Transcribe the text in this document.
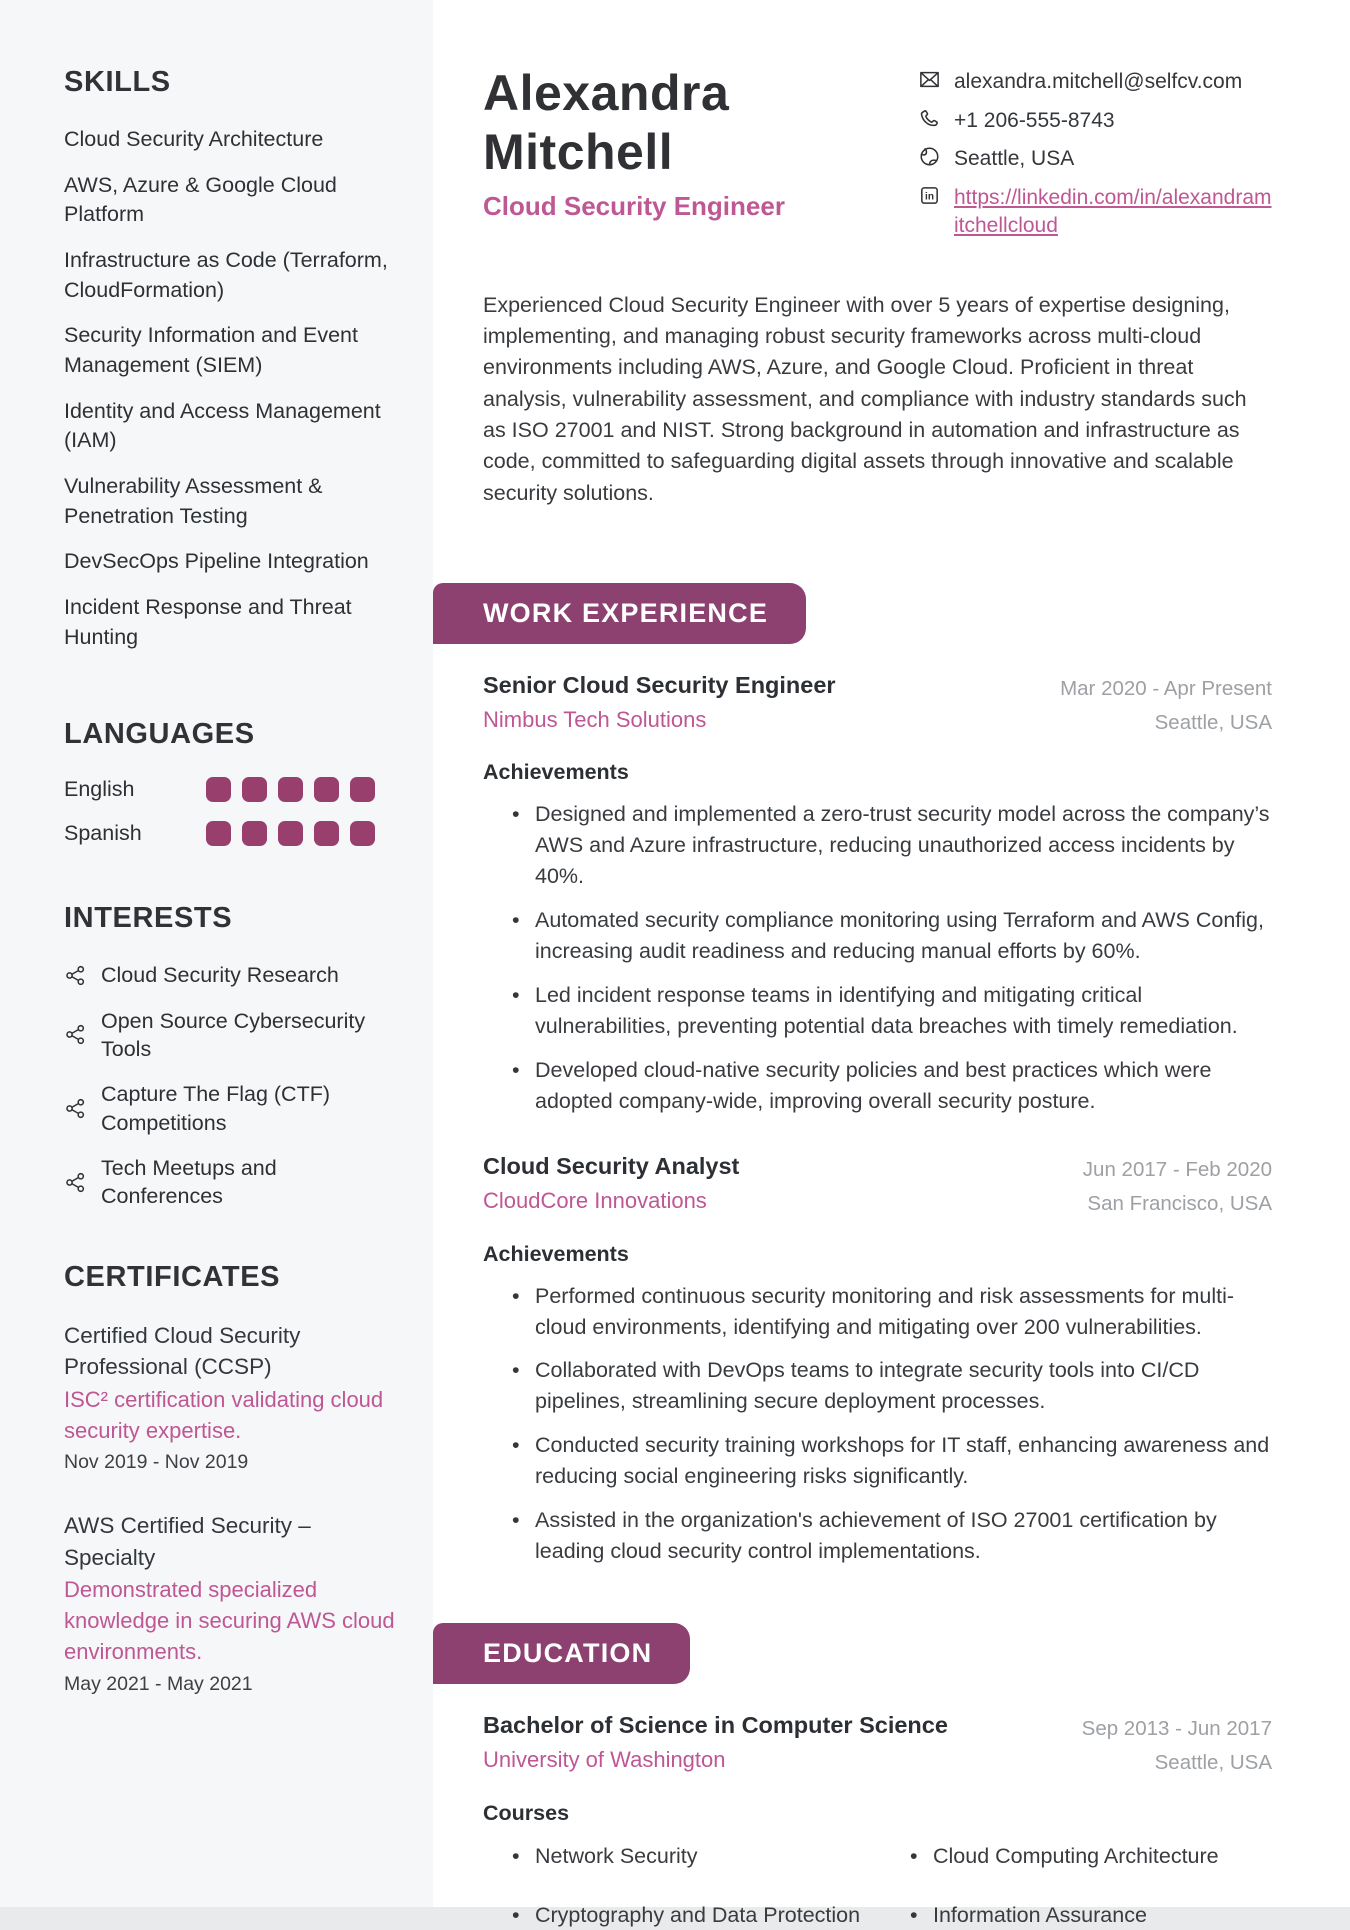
SKILLS
Cloud Security Architecture
AWS, Azure & Google Cloud Platform
Infrastructure as Code (Terraform, CloudFormation)
Security Information and Event Management (SIEM)
Identity and Access Management (IAM)
Vulnerability Assessment & Penetration Testing
DevSecOps Pipeline Integration
Incident Response and Threat Hunting
LANGUAGES
English
Spanish
INTERESTS
Cloud Security Research
Open Source Cybersecurity Tools
Capture The Flag (CTF) Competitions
Tech Meetups and Conferences
CERTIFICATES
Certified Cloud Security Professional (CCSP)
ISC² certification validating cloud security expertise.
Nov 2019 - Nov 2019
AWS Certified Security – Specialty
Demonstrated specialized knowledge in securing AWS cloud environments.
May 2021 - May 2021
Alexandra
Mitchell
Cloud Security Engineer
alexandra.mitchell@selfcv.com
+1 206-555-8743
Seattle, USA
in https://linkedin.com/in/alexandramitchellcloud

Experienced Cloud Security Engineer with over 5 years of expertise designing, implementing, and managing robust security frameworks across multi-cloud environments including AWS, Azure, and Google Cloud. Proficient in threat analysis, vulnerability assessment, and compliance with industry standards such as ISO 27001 and NIST. Strong background in automation and infrastructure as code, committed to safeguarding digital assets through innovative and scalable security solutions.

WORK EXPERIENCE
Senior Cloud Security Engineer
Nimbus Tech Solutions
Mar 2020 - Apr Present
Seattle, USA
Achievements
• Designed and implemented a zero-trust security model across the company’s AWS and Azure infrastructure, reducing unauthorized access incidents by 40%.
• Automated security compliance monitoring using Terraform and AWS Config, increasing audit readiness and reducing manual efforts by 60%.
• Led incident response teams in identifying and mitigating critical vulnerabilities, preventing potential data breaches with timely remediation.
• Developed cloud-native security policies and best practices which were adopted company-wide, improving overall security posture.
Cloud Security Analyst
CloudCore Innovations
Jun 2017 - Feb 2020
San Francisco, USA
Achievements
• Performed continuous security monitoring and risk assessments for multi-cloud environments, identifying and mitigating over 200 vulnerabilities.
• Collaborated with DevOps teams to integrate security tools into CI/CD pipelines, streamlining secure deployment processes.
• Conducted security training workshops for IT staff, enhancing awareness and reducing social engineering risks significantly.
• Assisted in the organization's achievement of ISO 27001 certification by leading cloud security control implementations.
EDUCATION
Bachelor of Science in Computer Science
University of Washington
Sep 2013 - Jun 2017
Seattle, USA
Courses
• Network Security	• Cloud Computing Architecture
• Cryptography and Data Protection	• Information Assurance
